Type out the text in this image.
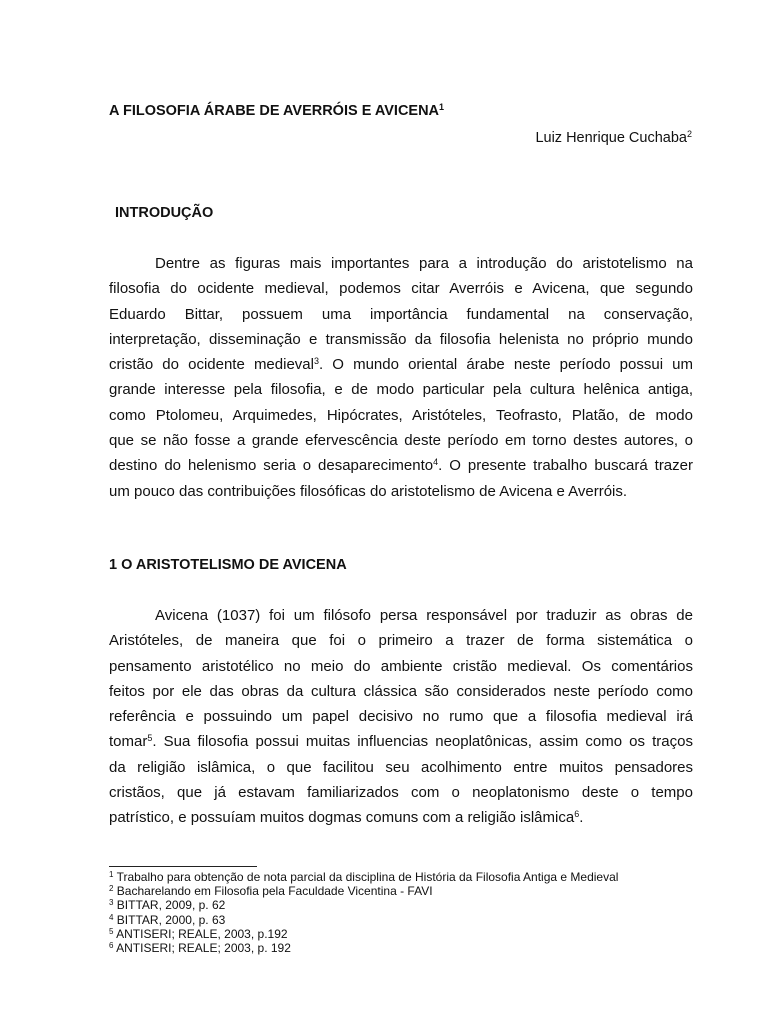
A FILOSOFIA ÁRABE DE AVERRÓIS E AVICENA$^1$
Luiz Henrique Cuchaba$^2$
INTRODUÇÃO
Dentre as figuras mais importantes para a introdução do aristotelismo na
filosofia do ocidente medieval, podemos citar Averróis e Avicena, que segundo
Eduardo Bittar, possuem uma importância fundamental na conservação,
interpretação, disseminação e transmissão da filosofia helenista no próprio mundo
cristão do ocidente medieval$^3$. O mundo oriental árabe neste período possui um
grande interesse pela filosofia, e de modo particular pela cultura helênica antiga,
como Ptolomeu, Arquimedes, Hipócrates, Aristóteles, Teofrasto, Platão, de modo
que se não fosse a grande efervescência deste período em torno destes autores, o
destino do helenismo seria o desaparecimento$^4$. O presente trabalho buscará trazer
um pouco das contribuições filosóficas do aristotelismo de Avicena e Averróis.
1 O ARISTOTELISMO DE AVICENA
Avicena (1037) foi um filósofo persa responsável por traduzir as obras de
Aristóteles, de maneira que foi o primeiro a trazer de forma sistemática o
pensamento aristotélico no meio do ambiente cristão medieval. Os comentários
feitos por ele das obras da cultura clássica são considerados neste período como
referência e possuindo um papel decisivo no rumo que a filosofia medieval irá
tomar$^5$. Sua filosofia possui muitas influencias neoplatônicas, assim como os traços
da religião islâmica, o que facilitou seu acolhimento entre muitos pensadores
cristãos, que já estavam familiarizados com o neoplatonismo deste o tempo
patrístico, e possuíam muitos dogmas comuns com a religião islâmica$^6$.
$^1$ Trabalho para obtenção de nota parcial da disciplina de História da Filosofia Antiga e Medieval
$^2$ Bacharelando em Filosofia pela Faculdade Vicentina - FAVI
$^3$ BITTAR, 2009, p. 62
$^4$ BITTAR, 2000, p. 63
$^5$ ANTISERI; REALE, 2003, p.192
$^6$ ANTISERI; REALE; 2003, p. 192
